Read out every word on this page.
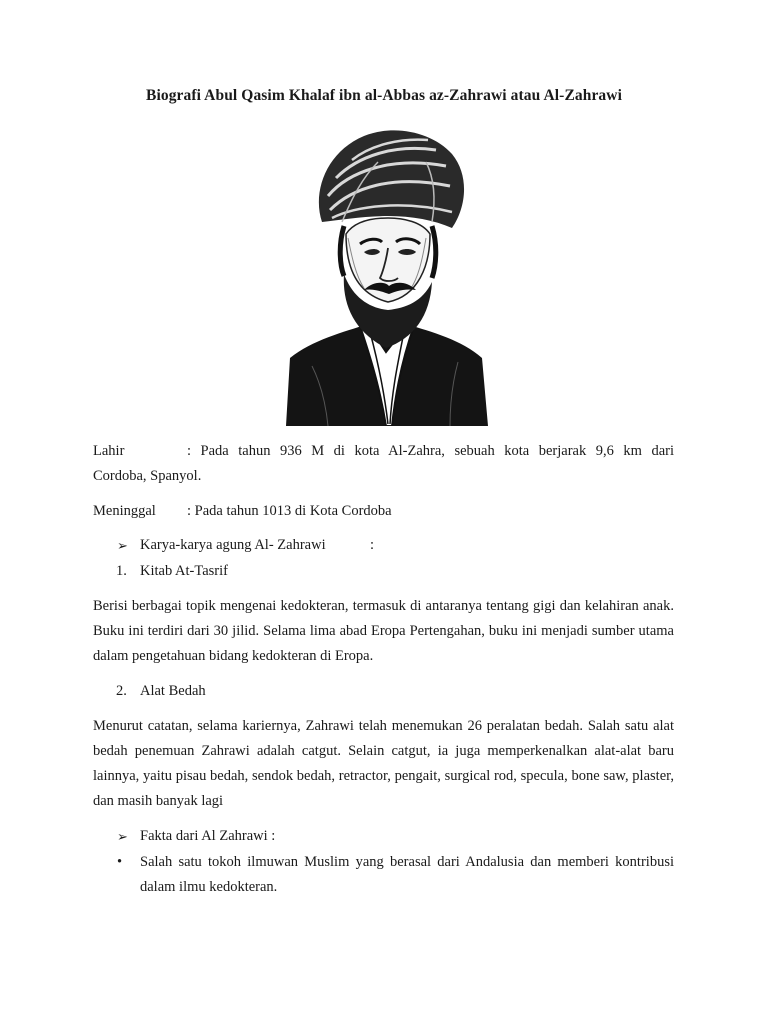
Biografi Abul Qasim Khalaf ibn al-Abbas az-Zahrawi atau Al-Zahrawi
Lahir	: Pada tahun 936 M di kota Al-Zahra, sebuah kota berjarak 9,6 km dari
Cordoba, Spanyol.
Meninggal : Pada tahun 1013 di Kota Cordoba
➢ Karya-karya agung Al- Zahrawi	:
1. Kitab At-Tasrif
Berisi berbagai topik mengenai kedokteran, termasuk di antaranya tentang gigi dan kelahiran anak. Buku ini terdiri dari 30 jilid. Selama lima abad Eropa Pertengahan, buku ini menjadi sumber utama dalam pengetahuan bidang kedokteran di Eropa.
2. Alat Bedah
Menurut catatan, selama kariernya, Zahrawi telah menemukan 26 peralatan bedah. Salah satu alat bedah penemuan Zahrawi adalah catgut. Selain catgut, ia juga memperkenalkan alat-alat baru lainnya, yaitu pisau bedah, sendok bedah, retractor, pengait, surgical rod, specula, bone saw, plaster, dan masih banyak lagi
➢ Fakta dari Al Zahrawi :
• Salah satu tokoh ilmuwan Muslim yang berasal dari Andalusia dan memberi kontribusi dalam ilmu kedokteran.
